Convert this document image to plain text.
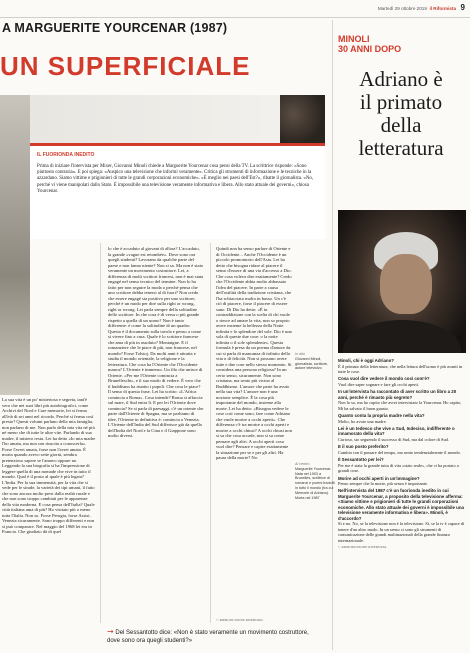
Martedì 29 ottobre 2019 il Riformista 9
A MARGUERITE YOURCENAR (1987)
UN SUPERFICIALE
IL FUORIONDA INEDITO
Prima di iniziare l'intervista per Mixer, Giovanni Minoli chiede a Marguerite Yourcenar cosa pensi della TV. La scrittrice risponde: «Sono piuttosto contraria». E poi spiega: «Auspico una televisione che informi veramente». Critica gli strumenti di informazione e le tecniche in la azzardano. Siamo vittime e prigionieri di tutte le grandi corporazioni economiche». «È meglio nei paesi dell'Est?», ribatte il giornalista. «No, perché vi viene manipolati dallo Stato. È impossibile una televisione veramente informativa e libera. Allo stato attuale dei governi», chiosa Yourcenar.
lo che è accaduto al giovani di allora? L'accaduto, la grande «vague est retombée». Dove sono ora quegli studenti? Lavorano da qualche parte del paese e non fanno niente? Non si sa. Ma non è stato veramente un movimento costruttore. Lei, a differenza di molti scrittori francesi, non è mai stata engagé nel senso tecnico del termine. Non lo ha fatto per non seguire la moda o perché pensa che uno scrittore debba tenersi al di fuori? Non credo che essere engagé sia positivo per uno scrittore, perché è un modo per dire sulla right or wrong, right or wrong. Lei parla sempre della solitudine dello scrittore. In che cosa è di versa o più grande rispetto a quella di un uomo? Non è tanto differente: è come la solitudine di un quadro. Questo è il documento sulla tavola e penso a come si vivere fino a casa. Quale è lo scrittore francese che ama di più in assoluto? Montaigne. E il romanziere che le piace di più, non francese, nel mondo? Forse Tolstoj. Da molti anni è attratta e studia il mondo orientale, la religione e la letteratura. Che cosa ha l'Oriente che l'Occidente manca? L'Oriente è immenso. Un filo che unisce di Oriente. «Per me l'Oriente comincia a Brunelleschi», e il suo modo di vedere. È vero che il buddismo ha riunito i popoli. Che cosa le piace? Il senso di questa frase. Lei ha scritto: «L'Africa comincia a Roma». Cosa intende? Roma si affaccia sul mare, il Sud entra lì. E per lei l'Oriente dove comincia? Se si parla di paesaggi, c'è un oriente che parte dall'Oriente di Spagna, ma se parliamo di idee, l'Oriente in definitiva è: comincia a Venezia. L'Oriente dell'India del Sud differisce già da quello dell'India del Nord e la Cina e il Giappone sono molto diversi.
Quindi non ha senso parlare di Oriente e di Occidente... Anche l'Occidente è un piccolo promontorio dell'Asia. Lei ha detto che bisogna ridare al piacere il senso d'essere di una via d'accesso a Dio. Che cosa voleva dire esattamente? Credo che l'Occidente abbia molto abbassato l'idea del piacere. In parte a causa dell'ostilità della tradizione cristiana, che l'ha schiacciato molto in basso. Un c'è ciò di piacere, forse il piacere di essere sano. Di Dio ha detto: «È in contraddizione con la scelta di chi vuole o riesce ad amare la vita, non so proprio avere insieme la bellezza della Notte infinita e lo splendore del sole. Dio è una sola di queste due cose: o la notte infinita o il sole splendente». Questa formula è presa da un poema d'amore da cui si parla di mancanza di infinito della vita o di felicità. Non si possono avere tutte e due cose nello stesso momento. Si considera una persona religiosa? In un certo senso, sicuramente. Non sono cristiana, ma sento più vicino al Buddhismo. L'amore che parte ha avuto nella sua vita? L'amore non è una nozione semplice. È la cosa più importante del mondo, insieme alla morte. Lei ha detto: «Bisogna vedere le cose così come sono, fare come Adriano che vuole morire a occhi aperti». Che differenza c'è tra morire a occhi aperti e morire a occhi chiusi? A occhi chiusi non si sa che cosa accade, non si sa come pensare agli altri. A occhi aperti cosa vuol dire? Pensare e capire esattamente la situazione per se e per gli altri. Ha paura della morte? No.
La sua vita è un po' misteriosa e segreta, tant'è vero che nei suoi libri più autobiografici, come Archivi del Nord e Care memorie, lei si ferma all'età di sei anni nel ricordo. Perché si ferma così presto? Questi volumi parlano della mia famiglia, non parlano di me. Non parlo della mia vita né più né meno che di tutte le altre vite. Parlando di sua madre, il mistero resta. Lei ha detto «Io mia madre l'ho amata, ma non son riuscita a conoscerla». Forse l'avrei amata, forse non l'avrei amata. È morta quando avevo sette giorni, sembra pretenzioso sapere se l'amavo oppure no. Leggendo la sua biografia si ha l'impressione di leggere quella di una nomade che vive in tutto il mondo. Qual è il posto al quale è più legata? L'India. Per la sua immensità, per la vita che si vede per le strade, la varietà dei tipi umani, il fatto che sono ancora molto presi dalla realtà rurale e che non sono troppo cambiati per le apparenze della vita moderna. E cosa pensa dell'Italia? Quale città italiana ama di più? Ho visitato più o meno tutta l'Italia. Non so. Forse Perugia, forse Assisi. Venezia sicuramente. Sono troppo differenti e non si può comparare. Nel maggio del 1968 lei era in Francia. Che giudizio dà di quel
© RIPRODUZIONE RISERVATA
➞ Del Sessantotto dice: «Non è stato veramente un movimento costruttore, dove sono ora quegli studenti?»
MINOLI
30 ANNI DOPO
Adriano è
il primato
della
letteratura
In alto
Giovanni Minoli, giornalista, scrittore, autore televisivo
Al centro
Marguerite Yourcenar. Nata nel 1903 a Bruxelles, scrittrice di romanzi e poemi tradotti in tutto il mondo (tra cui Memorie di Adriano). Morta nel 1987
Minoli, chi è oggi Adriano?
È il primato della letteratura, che nella lettura dell'uomo è più avanti in tutte le cose.
Cosa vuol dire vedere il mondo così com'è?
Vuol dire saper sognare e fare gli occhi aperti.
In un'intervista ha raccontato di aver scritto un libro a 20 anni, perché è rimasto più segreto?
Non lo so, ma ho capito che avrei intervistato la Yourcenar. Ho capito, Mi ha salvato il buon guasto.
Quanto conta la propria madre nella vita?
Molto, ho avuto una madre.
Lei è un tedesco che vive a Sud, Indeciso, indifferente o innamorato della vita?
Curioso, sto seguendo il successo di Sud, ma dal colore di Sud.
E il suo posto preferito?
Cambia con il passare del tempo, ma sento tendenzialmente il mondo.
Il Sessantotto per lei?
Per me è stata la grande tutta di vita «stato reale», che ci ha portato a grandi cose.
Morire ad occhi aperti in un'immagine?
Penso sempre che la morte, più senza è importante.
Nell'intervista del 1987 c'è un fuorionda inedito in cui Marguerite Yourcenar, a proposito della televisione afferma: «Siamo vittime e prigionieri di tutte le grandi corporazioni economiche. Allo stato attuale dei governi è impossibile una televisione veramente informativa e libera». Minoli, è d'accordo?
Sì e no. No, se la televisione non è la televisione. Sì, se la tv è capace di tenere d'un altro modo. In un senso ci sono gli strumenti di comunicazione delle grandi multinazionali della grande finanza internazionale.
© RIPRODUZIONE RISERVATA
